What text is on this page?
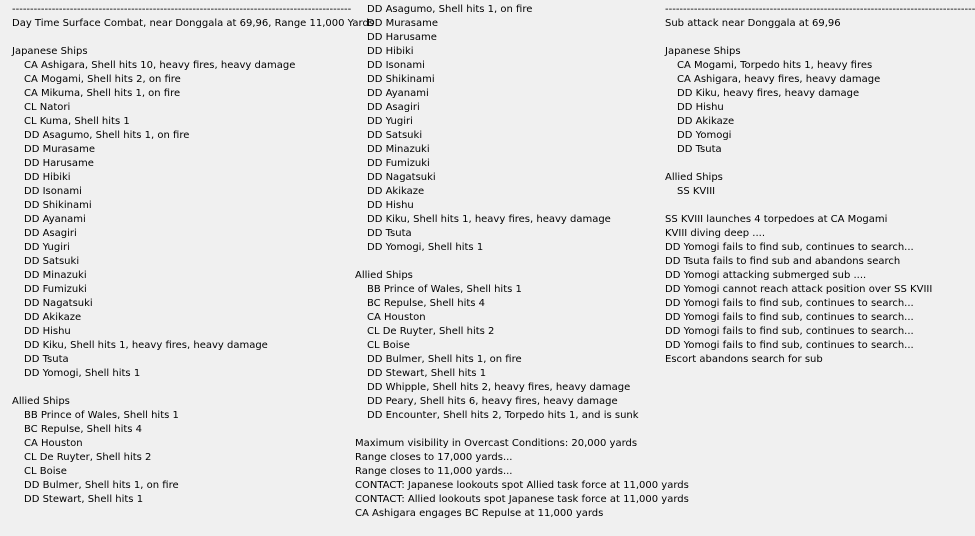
----------------------------------------------------------------------------------------------
Day Time Surface Combat, near Donggala at 69,96, Range 11,000 Yards
Japanese Ships
CA Ashigara, Shell hits 10, heavy fires, heavy damage
CA Mogami, Shell hits 2, on fire
CA Mikuma, Shell hits 1, on fire
CL Natori
CL Kuma, Shell hits 1
DD Asagumo, Shell hits 1, on fire
DD Murasame
DD Harusame
DD Hibiki
DD Isonami
DD Shikinami
DD Ayanami
DD Asagiri
DD Yugiri
DD Satsuki
DD Minazuki
DD Fumizuki
DD Nagatsuki
DD Akikaze
DD Hishu
DD Kiku, Shell hits 1, heavy fires, heavy damage
DD Tsuta
DD Yomogi, Shell hits 1
Allied Ships
BB Prince of Wales, Shell hits 1
BC Repulse, Shell hits 4
CA Houston
CL De Ruyter, Shell hits 2
CL Boise
DD Bulmer, Shell hits 1, on fire
DD Stewart, Shell hits 1
DD Asagumo, Shell hits 1, on fire
DD Murasame
DD Harusame
DD Hibiki
DD Isonami
DD Shikinami
DD Ayanami
DD Asagiri
DD Yugiri
DD Satsuki
DD Minazuki
DD Fumizuki
DD Nagatsuki
DD Akikaze
DD Hishu
DD Kiku, Shell hits 1, heavy fires, heavy damage
DD Tsuta
DD Yomogi, Shell hits 1
Allied Ships
BB Prince of Wales, Shell hits 1
BC Repulse, Shell hits 4
CA Houston
CL De Ruyter, Shell hits 2
CL Boise
DD Bulmer, Shell hits 1, on fire
DD Stewart, Shell hits 1
DD Whipple, Shell hits 2, heavy fires, heavy damage
DD Peary, Shell hits 6, heavy fires, heavy damage
DD Encounter, Shell hits 2, Torpedo hits 1, and is sunk
Maximum visibility in Overcast Conditions: 20,000 yards
Range closes to 17,000 yards...
Range closes to 11,000 yards...
CONTACT: Japanese lookouts spot Allied task force at 11,000 yards
CONTACT: Allied lookouts spot Japanese task force at 11,000 yards
CA Ashigara engages BC Repulse at 11,000 yards
--------------------------------------------------------------------------------------
Sub attack near Donggala at 69,96
Japanese Ships
CA Mogami, Torpedo hits 1, heavy fires
CA Ashigara, heavy fires, heavy damage
DD Kiku, heavy fires, heavy damage
DD Hishu
DD Akikaze
DD Yomogi
DD Tsuta
Allied Ships
SS KVIII
SS KVIII launches 4 torpedoes at CA Mogami
KVIII diving deep ....
DD Yomogi fails to find sub, continues to search...
DD Tsuta fails to find sub and abandons search
DD Yomogi attacking submerged sub ....
DD Yomogi cannot reach attack position over SS KVIII
DD Yomogi fails to find sub, continues to search...
DD Yomogi fails to find sub, continues to search...
DD Yomogi fails to find sub, continues to search...
DD Yomogi fails to find sub, continues to search...
Escort abandons search for sub
